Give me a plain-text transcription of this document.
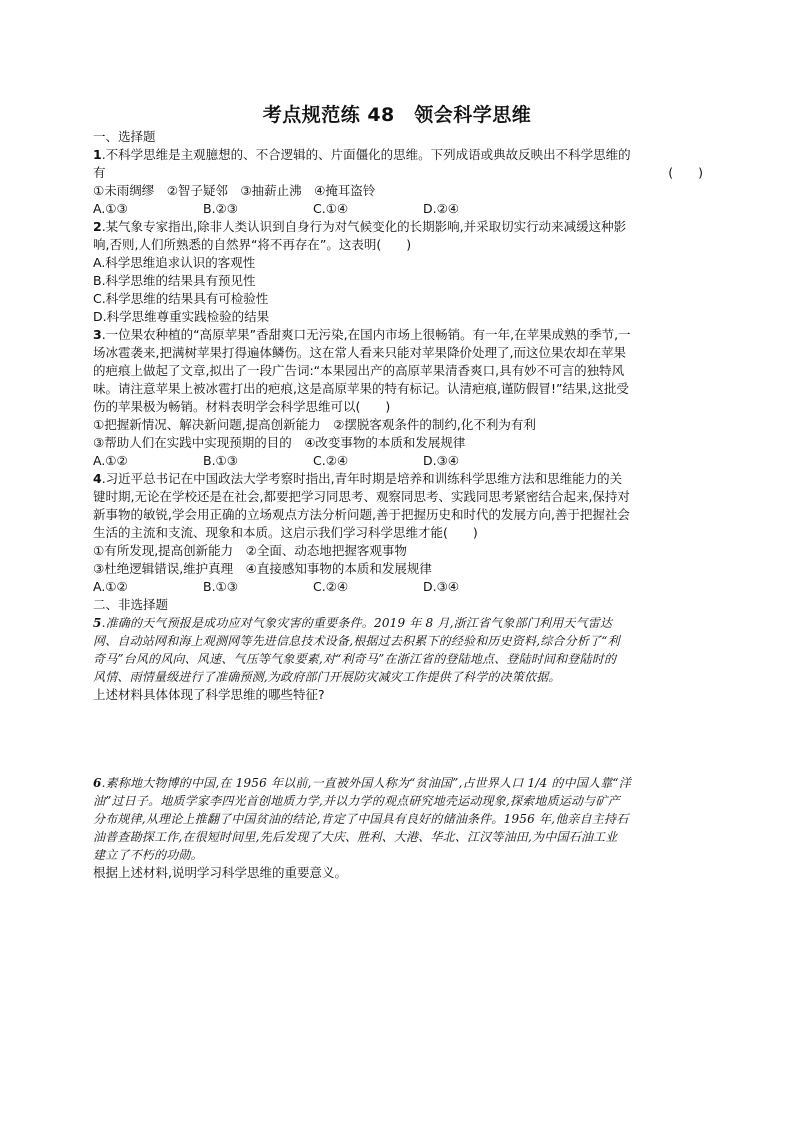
考点规范练 48　领会科学思维
一、选择题
1.不科学思维是主观臆想的、不合逻辑的、片面僵化的思维。下列成语或典故反映出不科学思维的
有	(　　)
①未雨绸缪　②智子疑邻　③抽薪止沸　④掩耳盗铃
A.①③	B.②③	C.①④	D.②④
2.某气象专家指出,除非人类认识到自身行为对气候变化的长期影响,并采取切实行动来减缓这种影
响,否则,人们所熟悉的自然界“将不再存在”。这表明(　　)
A.科学思维追求认识的客观性
B.科学思维的结果具有预见性
C.科学思维的结果具有可检验性
D.科学思维尊重实践检验的结果
3.一位果农种植的“高原苹果”香甜爽口无污染,在国内市场上很畅销。有一年,在苹果成熟的季节,一
场冰雹袭来,把满树苹果打得遍体鳞伤。这在常人看来只能对苹果降价处理了,而这位果农却在苹果
的疤痕上做起了文章,拟出了一段广告词:“本果园出产的高原苹果清香爽口,具有妙不可言的独特风
味。请注意苹果上被冰雹打出的疤痕,这是高原苹果的特有标记。认清疤痕,谨防假冒!”结果,这批受
伤的苹果极为畅销。材料表明学会科学思维可以(　　)
①把握新情况、解决新问题,提高创新能力　②摆脱客观条件的制约,化不利为有利
③帮助人们在实践中实现预期的目的　④改变事物的本质和发展规律
A.①②	B.①③	C.②④	D.③④
4.习近平总书记在中国政法大学考察时指出,青年时期是培养和训练科学思维方法和思维能力的关
键时期,无论在学校还是在社会,都要把学习同思考、观察同思考、实践同思考紧密结合起来,保持对
新事物的敏锐,学会用正确的立场观点方法分析问题,善于把握历史和时代的发展方向,善于把握社会
生活的主流和支流、现象和本质。这启示我们学习科学思维才能(　　)
①有所发现,提高创新能力　②全面、动态地把握客观事物
③杜绝逻辑错误,维护真理　④直接感知事物的本质和发展规律
A.①②	B.①③	C.②④	D.③④
二、非选择题
5.准确的天气预报是成功应对气象灾害的重要条件。2019 年 8 月,浙江省气象部门利用天气雷达
网、自动站网和海上观测网等先进信息技术设备,根据过去积累下的经验和历史资料,综合分析了“利
奇马”台风的风向、风速、气压等气象要素,对“利奇马”在浙江省的登陆地点、登陆时间和登陆时的
风情、雨情量级进行了准确预测,为政府部门开展防灾减灾工作提供了科学的决策依据。
上述材料具体体现了科学思维的哪些特征?
6.素称地大物博的中国,在 1956 年以前,一直被外国人称为“贫油国”,占世界人口 1/4 的中国人靠“洋
油”过日子。地质学家李四光首创地质力学,并以力学的观点研究地壳运动现象,探索地质运动与矿产
分布规律,从理论上推翻了中国贫油的结论,肯定了中国具有良好的储油条件。1956 年,他亲自主持石
油普查勘探工作,在很短时间里,先后发现了大庆、胜利、大港、华北、江汉等油田,为中国石油工业
建立了不朽的功勋。
根据上述材料,说明学习科学思维的重要意义。
